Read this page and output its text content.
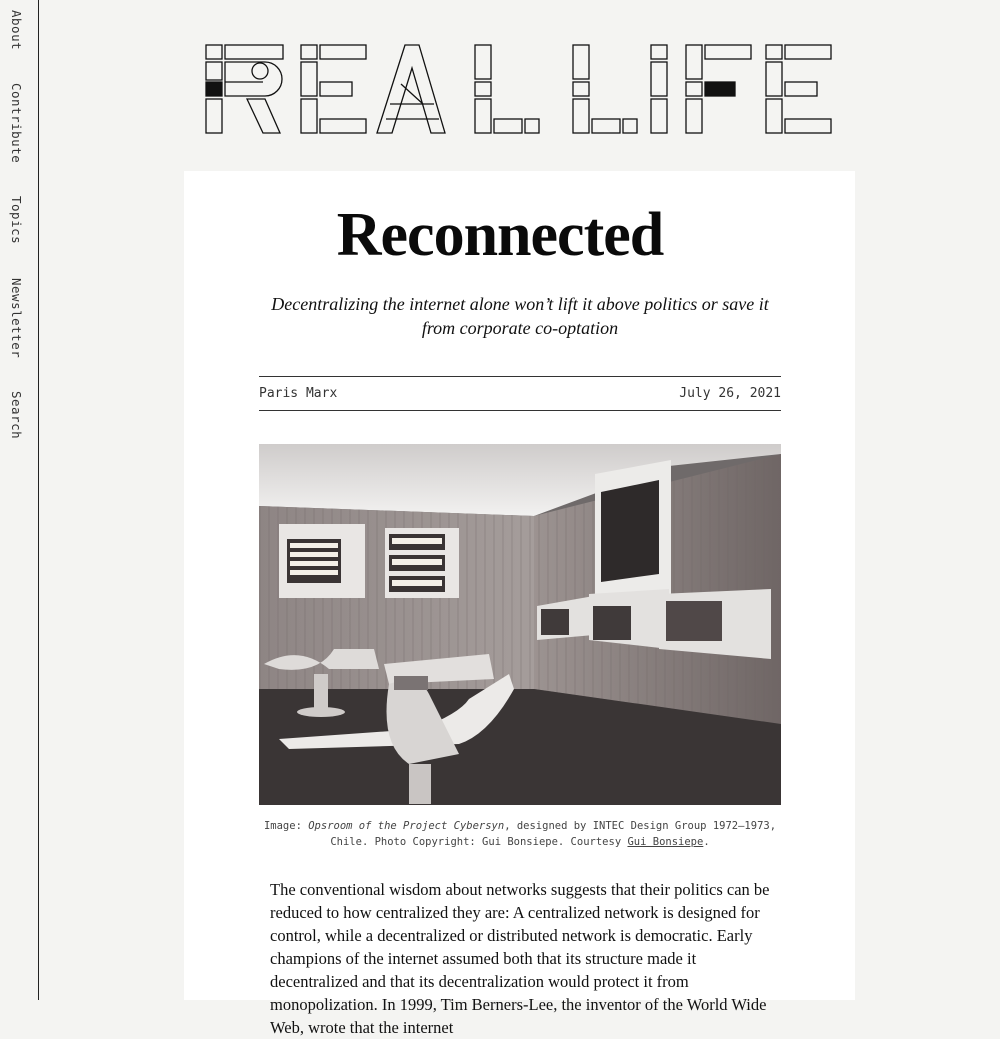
About Contribute Topics Newsletter Search
Reconnected
Decentralizing the internet alone won’t lift it above politics or save it from corporate co-optation
Paris Marx	July 26, 2021
Image: Opsroom of the Project Cybersyn, designed by INTEC Design Group 1972–1973, Chile. Photo Copyright: Gui Bonsiepe. Courtesy Gui Bonsiepe.

The conventional wisdom about networks suggests that their politics can be reduced to how centralized they are: A centralized network is designed for control, while a decentralized or distributed network is democratic. Early champions of the internet assumed both that its structure made it decentralized and that its decentralization would protect it from monopolization. In 1999, Tim Berners-Lee, the inventor of the World Wide Web, wrote that the internet
